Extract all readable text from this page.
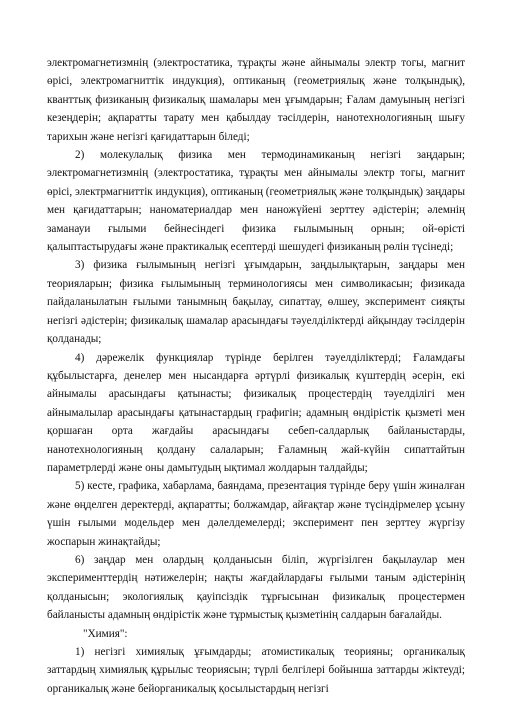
электромагнетизмнің (электростатика, тұрақты және айнымалы электр тогы, магнит өрісі, электромагниттік индукция), оптиканың (геометриялық және толқындық), кванттық физиканың физикалық шамалары мен ұғымдарын; Ғалам дамуының негізгі кезеңдерін; ақпаратты тарату мен қабылдау тәсілдерін, нанотехнологияның шығу тарихын және негізгі қағидаттарын біледі;

2) молекулалық физика мен термодинамиканың негізгі заңдарын; электромагнетизмнің (электростатика, тұрақты мен айнымалы электр тогы, магнит өрісі, электрмагниттік индукция), оптиканың (геометриялық және толқындық) заңдары мен қағидаттарын; наноматериалдар мен наножүйені зерттеу әдістерін; әлемнің заманауи ғылыми бейнесіндегі физика ғылымының орнын; ой-өрісті қалыптастырудағы және практикалық есептерді шешудегі физиканың рөлін түсінеді;

3) физика ғылымының негізгі ұғымдарын, заңдылықтарын, заңдары мен теорияларын; физика ғылымының терминологиясы мен символикасын; физикада пайдаланылатын ғылыми танымның бақылау, сипаттау, өлшеу, эксперимент сияқты негізгі әдістерін; физикалық шамалар арасындағы тәуелділіктерді айқындау тәсілдерін қолданады;

4) дәрежелік функциялар түрінде берілген тәуелділіктерді; Ғаламдағы құбылыстарға, денелер мен нысандарға әртүрлі физикалық күштердің әсерін, екі айнымалы арасындағы қатынасты; физикалық процестердің тәуелділігі мен айнымалылар арасындағы қатынастардың графигін; адамның өндірістік қызметі мен қоршаған орта жағдайы арасындағы себеп-салдарлық байланыстарды, нанотехнологияның қолдану салаларын; Ғаламның жай-күйін сипаттайтын параметрлерді және оны дамытудың ықтимал жолдарын талдайды;

5) кесте, графика, хабарлама, баяндама, презентация түрінде беру үшін жиналған және өңделген деректерді, ақпаратты; болжамдар, айғақтар және түсіндірмелер ұсыну үшін ғылыми модельдер мен дәлелдемелерді; эксперимент пен зерттеу жүргізу жоспарын жинақтайды;

6) заңдар мен олардың қолданысын біліп, жүргізілген бақылаулар мен эксперименттердің нәтижелерін; нақты жағдайлардағы ғылыми таным әдістерінің қолданысын; экологиялық қауіпсіздік тұрғысынан физикалық процестермен байланысты адамның өндірістік және тұрмыстық қызметінің салдарын бағалайды.

"Химия":

1) негізгі химиялық ұғымдарды; атомистикалық теорияны; органикалық заттардың химиялық құрылыс теориясын; түрлі белгілері бойынша заттарды жіктеуді; органикалық және бейорганикалық қосылыстардың негізгі
